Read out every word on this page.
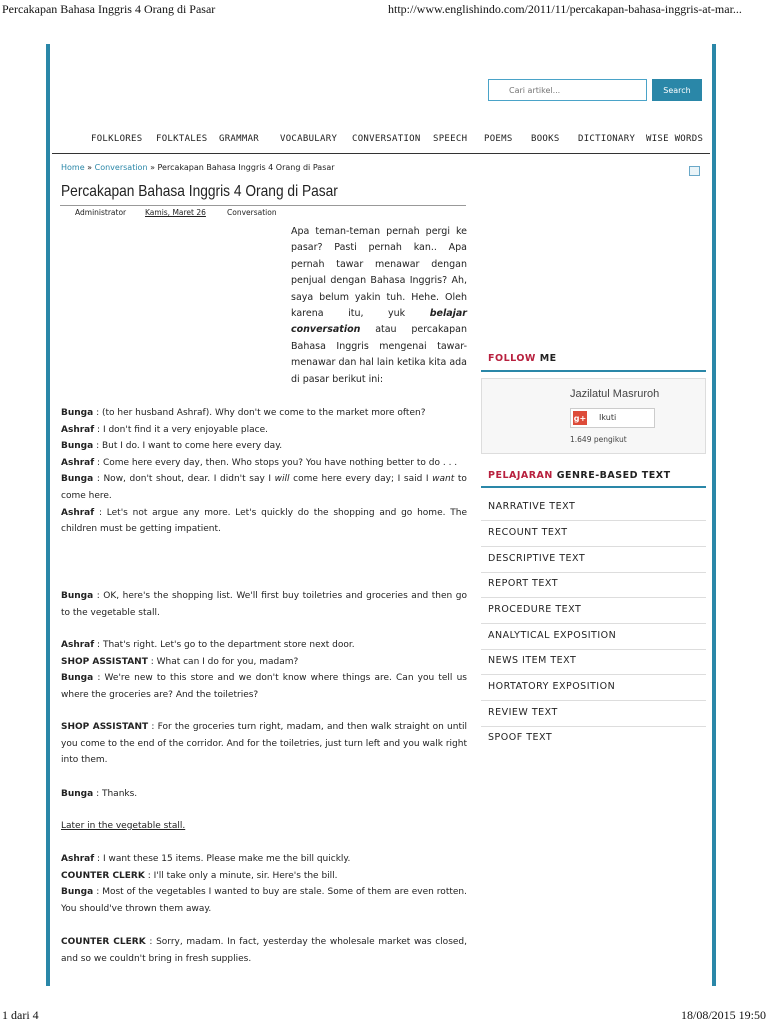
Percakapan Bahasa Inggris 4 Orang di Pasar	http://www.englishindo.com/2011/11/percakapan-bahasa-inggris-at-mar...
1 dari 4	18/08/2015 19:50
Cari artikel...
Search
FOLKLORES FOLKTALES GRAMMAR VOCABULARY CONVERSATION SPEECH POEMS BOOKS DICTIONARY WISE WORDS
Home » Conversation » Percakapan Bahasa Inggris 4 Orang di Pasar
Percakapan Bahasa Inggris 4 Orang di Pasar
Administrator	Kamis, Maret 26	Conversation
Apa teman-teman pernah pergi ke pasar? Pasti pernah kan.. Apa pernah tawar menawar dengan penjual dengan Bahasa Inggris? Ah, saya belum yakin tuh. Hehe. Oleh karena itu, yuk	belajar conversation atau percakapan Bahasa Inggris mengenai tawar-menawar dan hal lain ketika kita ada di pasar berikut ini:
Bunga : (to her husband Ashraf). Why don't we come to the market more often?
Ashraf : I don't find it a very enjoyable place.
Bunga : But I do. I want to come here every day.
Ashraf : Come here every day, then. Who stops you? You have nothing better to do . . .
Bunga : Now, don't shout, dear. I didn't say I will come here every day; I said I want to come here.
Ashraf : Let's not argue any more. Let's quickly do the shopping and go home. The children must be getting impatient.
Bunga : OK, here's the shopping list. We'll first buy toiletries and groceries and then go to the vegetable stall.
Ashraf : That's right. Let's go to the department store next door.
SHOP ASSISTANT : What can I do for you, madam?
Bunga : We're new to this store and we don't know where things are. Can you tell us where the groceries are? And the toiletries?
SHOP ASSISTANT : For the groceries turn right, madam, and then walk straight on until you come to the end of the corridor. And for the toiletries, just turn left and you walk right into them.
Bunga : Thanks.
Later in the vegetable stall.
Ashraf : I want these 15 items. Please make me the bill quickly.
COUNTER CLERK : I'll take only a minute, sir. Here's the bill.
Bunga : Most of the vegetables I wanted to buy are stale. Some of them are even rotten. You should've thrown them away.
COUNTER CLERK : Sorry, madam. In fact, yesterday the wholesale market was closed, and so we couldn't bring in fresh supplies.
FOLLOW ME
Jazilatul Masruroh
g+ Ikuti
1.649 pengikut
PELAJARAN GENRE-BASED TEXT
NARRATIVE TEXT
RECOUNT TEXT
DESCRIPTIVE TEXT
REPORT TEXT
PROCEDURE TEXT
ANALYTICAL EXPOSITION
NEWS ITEM TEXT
HORTATORY EXPOSITION
REVIEW TEXT
SPOOF TEXT
